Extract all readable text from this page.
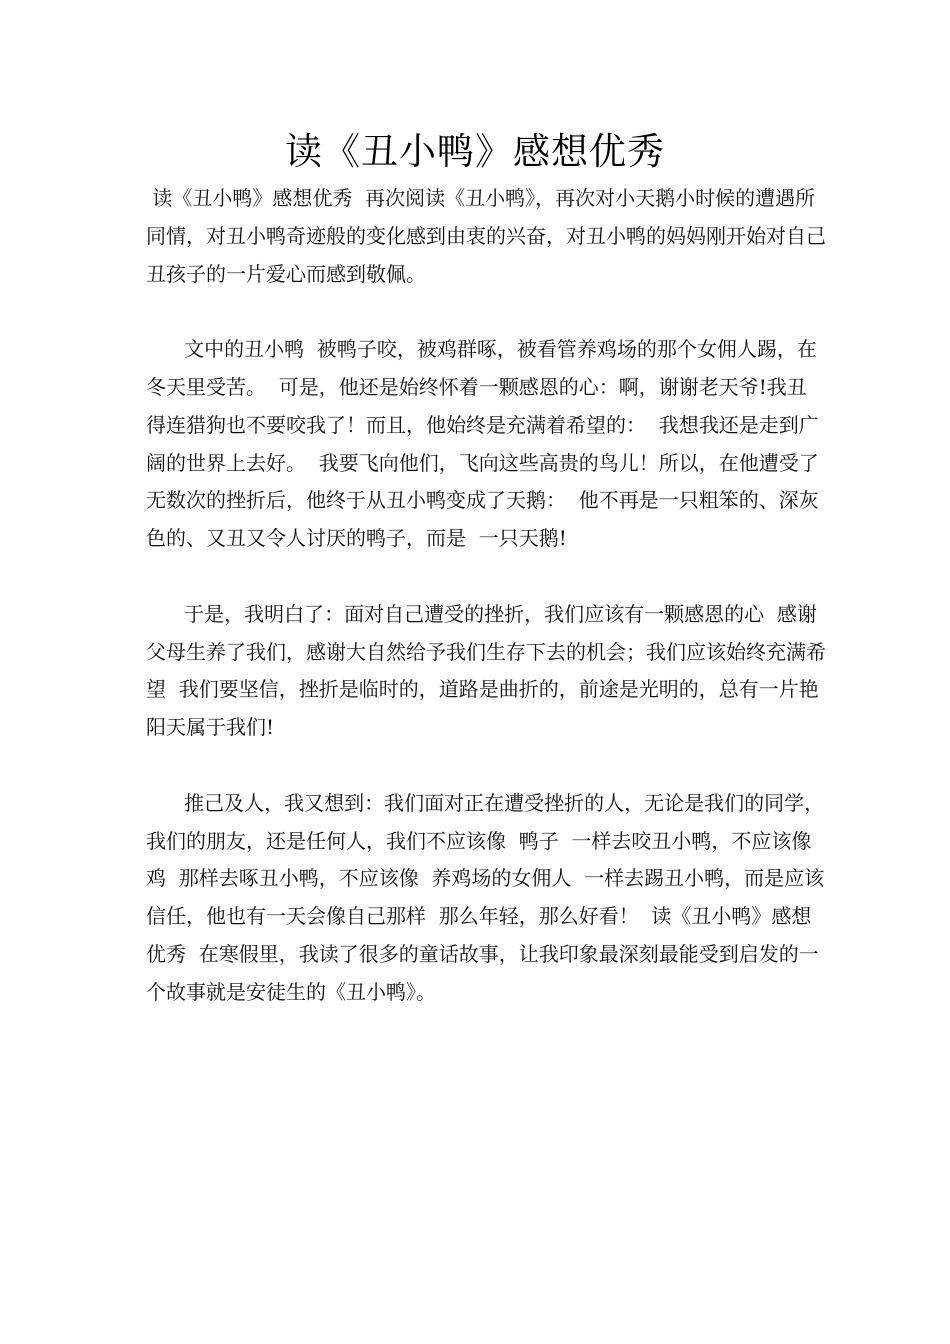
读《丑小鸭》感想优秀

读《丑小鸭》感想优秀  再次阅读《丑小鸭》，再次对小天鹅小时候的遭遇所同情，对丑小鸭奇迹般的变化感到由衷的兴奋，对丑小鸭的妈妈刚开始对自己丑孩子的一片爱心而感到敬佩。

文中的丑小鸭  被鸭子咬，被鸡群啄，被看管养鸡场的那个女佣人踢，在冬天里受苦。  可是，他还是始终怀着一颗感恩的心：啊，谢谢老天爷!我丑得连猎狗也不要咬我了！而且，他始终是充满着希望的：  我想我还是走到广阔的世界上去好。  我要飞向他们，飞向这些高贵的鸟儿！所以，在他遭受了无数次的挫折后，他终于从丑小鸭变成了天鹅：  他不再是一只粗笨的、深灰色的、又丑又令人讨厌的鸭子，而是  一只天鹅!

于是，我明白了：面对自己遭受的挫折，我们应该有一颗感恩的心  感谢父母生养了我们，感谢大自然给予我们生存下去的机会；我们应该始终充满希望  我们要坚信，挫折是临时的，道路是曲折的，前途是光明的，总有一片艳阳天属于我们!

推己及人，我又想到：我们面对正在遭受挫折的人，无论是我们的同学，我们的朋友，还是任何人，我们不应该像  鸭子  一样去咬丑小鸭，不应该像  鸡  那样去啄丑小鸭，不应该像  养鸡场的女佣人  一样去踢丑小鸭，而是应该信任，他也有一天会像自己那样  那么年轻，那么好看！  读《丑小鸭》感想优秀  在寒假里，我读了很多的童话故事，让我印象最深刻最能受到启发的一个故事就是安徒生的《丑小鸭》。
